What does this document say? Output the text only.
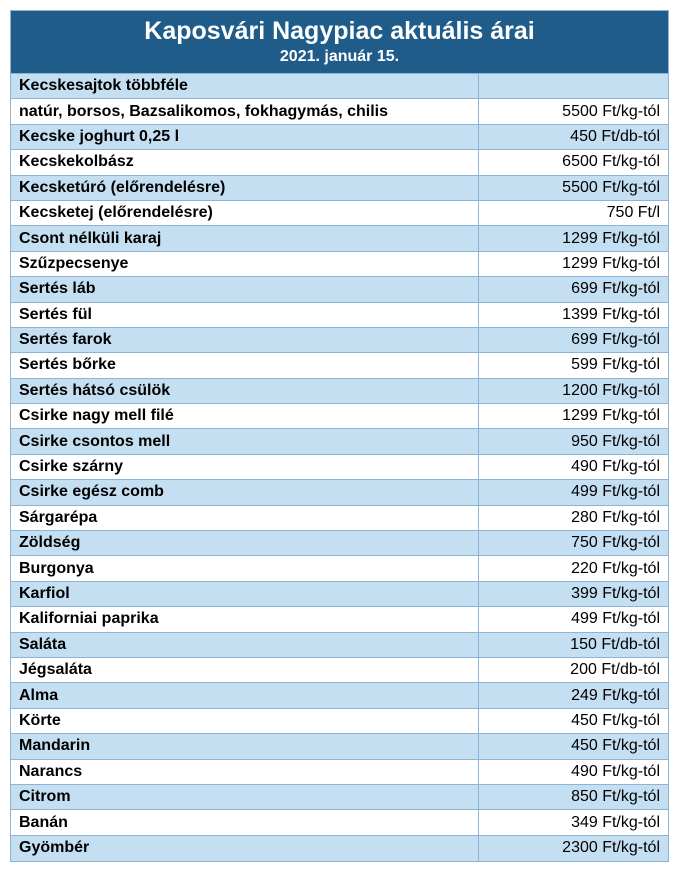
Kaposvári Nagypiac aktuális árai
2021. január 15.
Kecskesajtok többféle	
natúr, borsos, Bazsalikomos, fokhagymás, chilis	5500 Ft/kg-tól
Kecske joghurt 0,25 l	450 Ft/db-tól
Kecskekolbász	6500 Ft/kg-tól
Kecsketúró (előrendelésre)	5500 Ft/kg-tól
Kecsketej (előrendelésre)	750 Ft/l
Csont nélküli karaj	1299 Ft/kg-tól
Szűzpecsenye	1299 Ft/kg-tól
Sertés láb	699 Ft/kg-tól
Sertés fül	1399 Ft/kg-tól
Sertés farok	699 Ft/kg-tól
Sertés bőrke	599 Ft/kg-tól
Sertés hátsó csülök	1200 Ft/kg-tól
Csirke nagy mell filé	1299 Ft/kg-tól
Csirke csontos mell	950 Ft/kg-tól
Csirke szárny	490 Ft/kg-tól
Csirke egész comb	499 Ft/kg-tól
Sárgarépa	280 Ft/kg-tól
Zöldség	750 Ft/kg-tól
Burgonya	220 Ft/kg-tól
Karfiol	399 Ft/kg-tól
Kaliforniai paprika	499 Ft/kg-tól
Saláta	150 Ft/db-tól
Jégsaláta	200 Ft/db-tól
Alma	249 Ft/kg-tól
Körte	450 Ft/kg-tól
Mandarin	450 Ft/kg-tól
Narancs	490 Ft/kg-tól
Citrom	850 Ft/kg-tól
Banán	349 Ft/kg-tól
Gyömbér	2300 Ft/kg-tól
